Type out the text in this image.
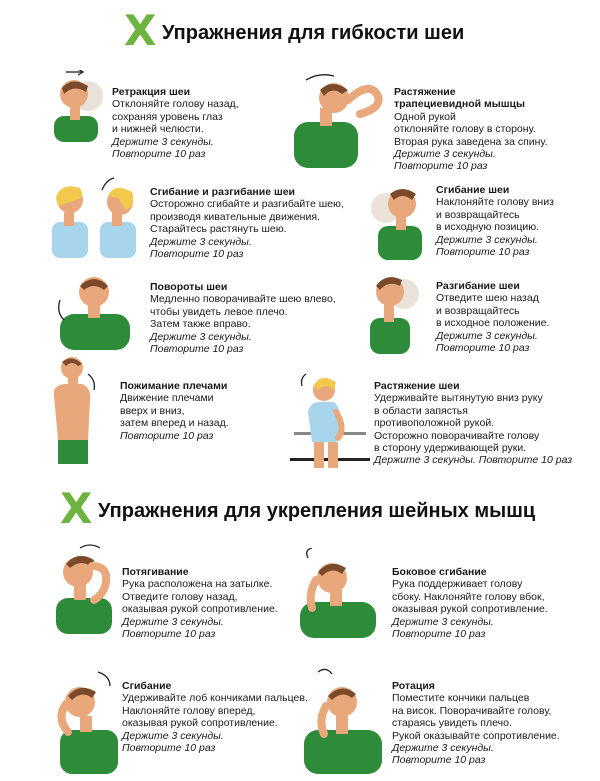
X Упражнения для гибкости шеи
Ретракция шеи
Отклоняйте голову назад,
сохраняя уровень глаз
и нижней челюсти.
Держите 3 секунды.
Повторите 10 раз
Растяжение
трапециевидной мышцы
Одной рукой
отклоняйте голову в сторону.
Вторая рука заведена за спину.
Держите 3 секунды.
Повторите 10 раз
Сгибание и разгибание шеи
Осторожно сгибайте и разгибайте шею,
производя кивательные движения.
Старайтесь растянуть шею.
Держите 3 секунды.
Повторите 10 раз
Сгибание шеи
Наклоняйте голову вниз
и возвращайтесь
в исходную позицию.
Держите 3 секунды.
Повторите 10 раз
Повороты шеи
Медленно поворачивайте шею влево,
чтобы увидеть левое плечо.
Затем также вправо.
Держите 3 секунды.
Повторите 10 раз
Разгибание шеи
Отведите шею назад
и возвращайтесь
в исходное положение.
Держите 3 секунды.
Повторите 10 раз
Пожимание плечами
Движение плечами
вверх и вниз,
затем вперед и назад.
Повторите 10 раз
Растяжение шеи
Удерживайте вытянутую вниз руку
в области запястья
противоположной рукой.
Осторожно поворачивайте голову
в сторону удерживающей руки.
Держите 3 секунды. Повторите 10 раз
X Упражнения для укрепления шейных мышц
Потягивание
Рука расположена на затылке.
Отведите голову назад,
оказывая рукой сопротивление.
Держите 3 секунды.
Повторите 10 раз
Боковое сгибание
Рука поддерживает голову
сбоку. Наклоняйте голову вбок,
оказывая рукой сопротивление.
Держите 3 секунды.
Повторите 10 раз
Сгибание
Удерживайте лоб кончиками пальцев.
Наклоняйте голову вперед,
оказывая рукой сопротивление.
Держите 3 секунды.
Повторите 10 раз
Ротация
Поместите кончики пальцев
на висок. Поворачивайте голову,
стараясь увидеть плечо.
Рукой оказывайте сопротивление.
Держите 3 секунды.
Повторите 10 раз
